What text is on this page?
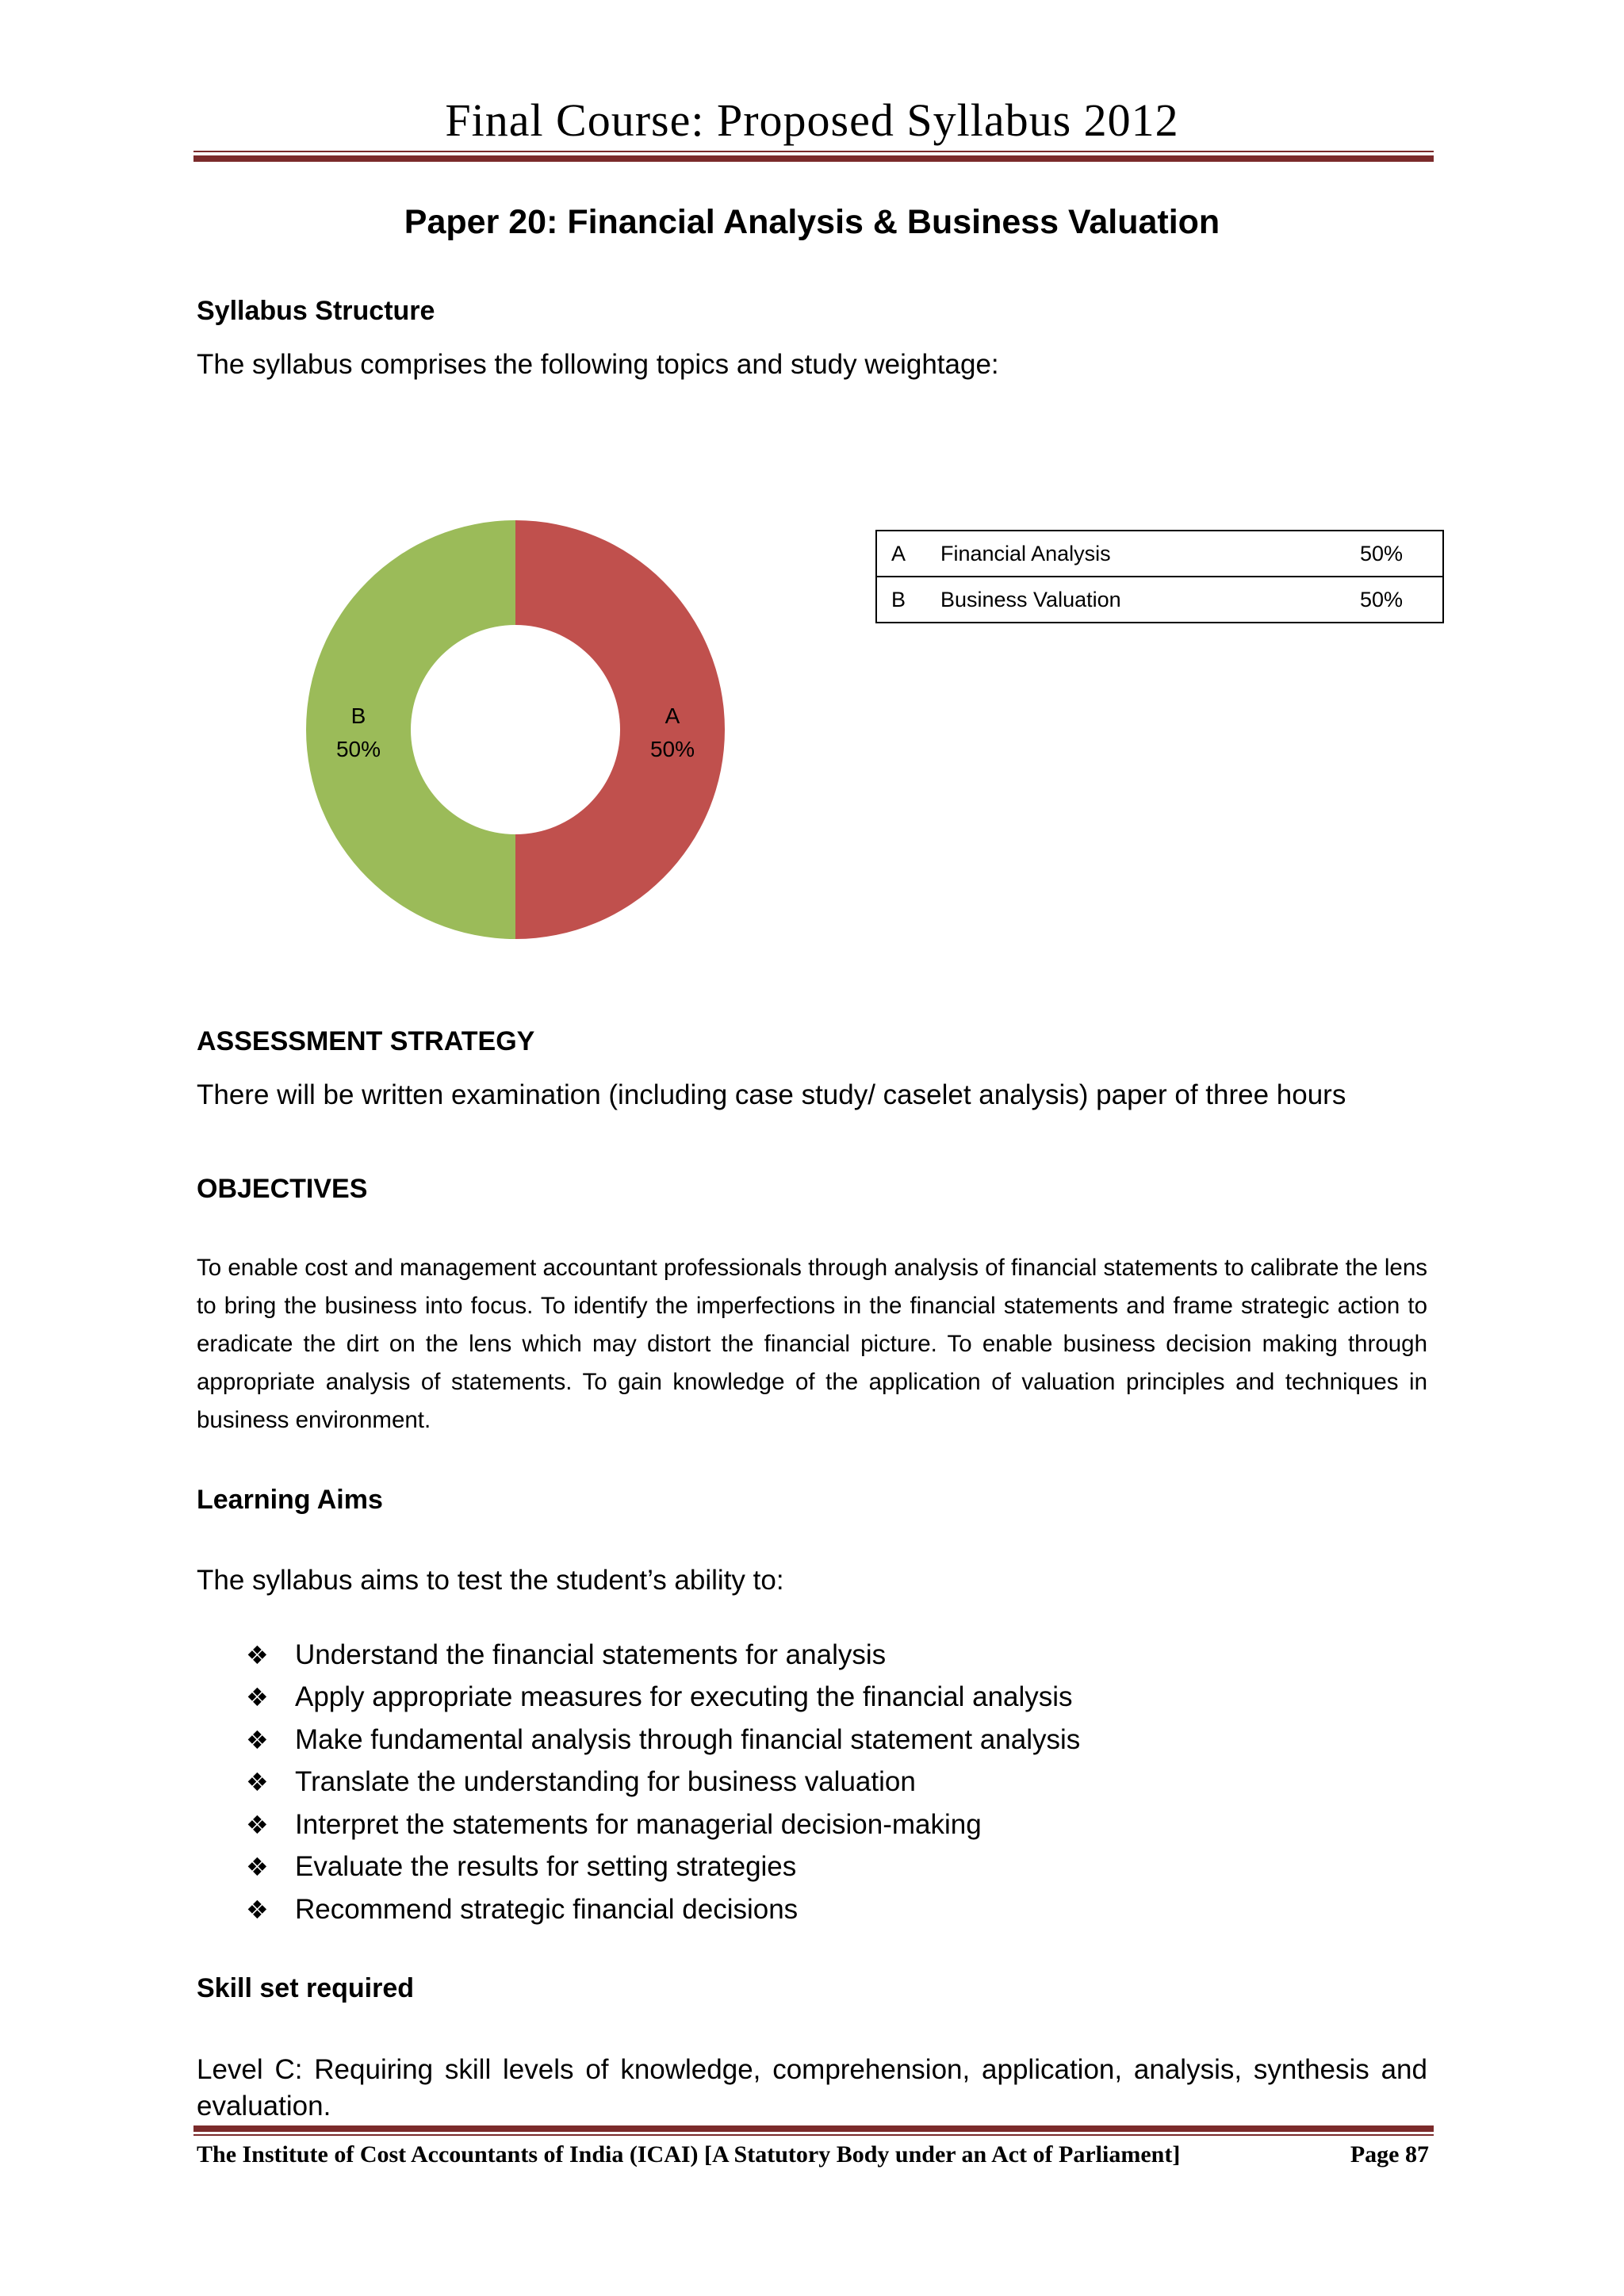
Final Course: Proposed Syllabus 2012
Paper 20: Financial Analysis & Business Valuation
Syllabus Structure
The syllabus comprises the following topics and study weightage:
A
50%
B
50%
A	Financial Analysis	50%
B	Business Valuation	50%
ASSESSMENT STRATEGY
There will be written examination (including case study/ caselet analysis) paper of three hours
OBJECTIVES
To enable cost and management accountant professionals through analysis of financial statements to calibrate the lens to bring the business into focus. To identify the imperfections in the financial statements and frame strategic action to eradicate the dirt on the lens which may distort the financial picture. To enable business decision making through appropriate analysis of statements. To gain knowledge of the application of valuation principles and techniques in business environment.
Learning Aims
The syllabus aims to test the student’s ability to:
❖ Understand the financial statements for analysis
❖ Apply appropriate measures for executing the financial analysis
❖ Make fundamental analysis through financial statement analysis
❖ Translate the understanding for business valuation
❖ Interpret the statements for managerial decision-making
❖ Evaluate the results for setting strategies
❖ Recommend strategic financial decisions
Skill set required
Level C: Requiring skill levels of knowledge, comprehension, application, analysis, synthesis and evaluation.
The Institute of Cost Accountants of India (ICAI) [A Statutory Body under an Act of Parliament]	Page 87
